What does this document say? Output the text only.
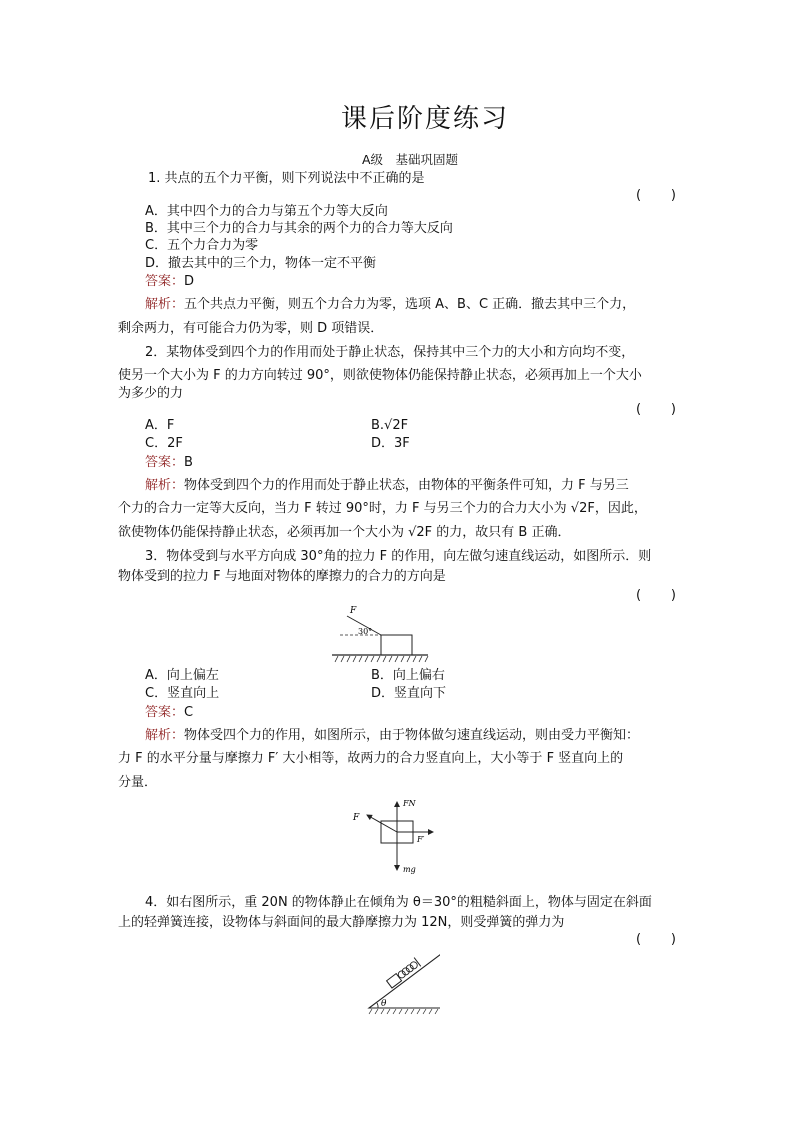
课后阶度练习
A级　基础巩固题
1. 共点的五个力平衡，则下列说法中不正确的是
( )
A．其中四个力的合力与第五个力等大反向
B．其中三个力的合力与其余的两个力的合力等大反向
C．五个力合力为零
D．撤去其中的三个力，物体一定不平衡
答案：D
解析：五个共点力平衡，则五个力合力为零，选项 A、B、C 正确．撤去其中三个力，
剩余两力，有可能合力仍为零，则 D 项错误．
2．某物体受到四个力的作用而处于静止状态，保持其中三个力的大小和方向均不变，
使另一个大小为 F 的力方向转过 90°，则欲使物体仍能保持静止状态，必须再加上一个大小
为多少的力
( )
A．F	B.√2F
C．2F	D．3F
答案：B
解析：物体受到四个力的作用而处于静止状态，由物体的平衡条件可知，力 F 与另三
个力的合力一定等大反向，当力 F 转过 90°时，力 F 与另三个力的合力大小为 √2F，因此，
欲使物体仍能保持静止状态，必须再加一个大小为 √2F 的力，故只有 B 正确．
3．物体受到与水平方向成 30°角的拉力 F 的作用，向左做匀速直线运动，如图所示．则
物体受到的拉力 F 与地面对物体的摩擦力的合力的方向是
( )
F
30°
A．向上偏左	B．向上偏右
C．竖直向上	D．竖直向下
答案：C
解析：物体受四个力的作用，如图所示，由于物体做匀速直线运动，则由受力平衡知：
力 F 的水平分量与摩擦力 F′ 大小相等，故两力的合力竖直向上，大小等于 F 竖直向上的
分量．
F
FN
F′
mg
4．如右图所示，重 20N 的物体静止在倾角为 θ＝30°的粗糙斜面上，物体与固定在斜面
上的轻弹簧连接，设物体与斜面间的最大静摩擦力为 12N，则受弹簧的弹力为
( )
θ
